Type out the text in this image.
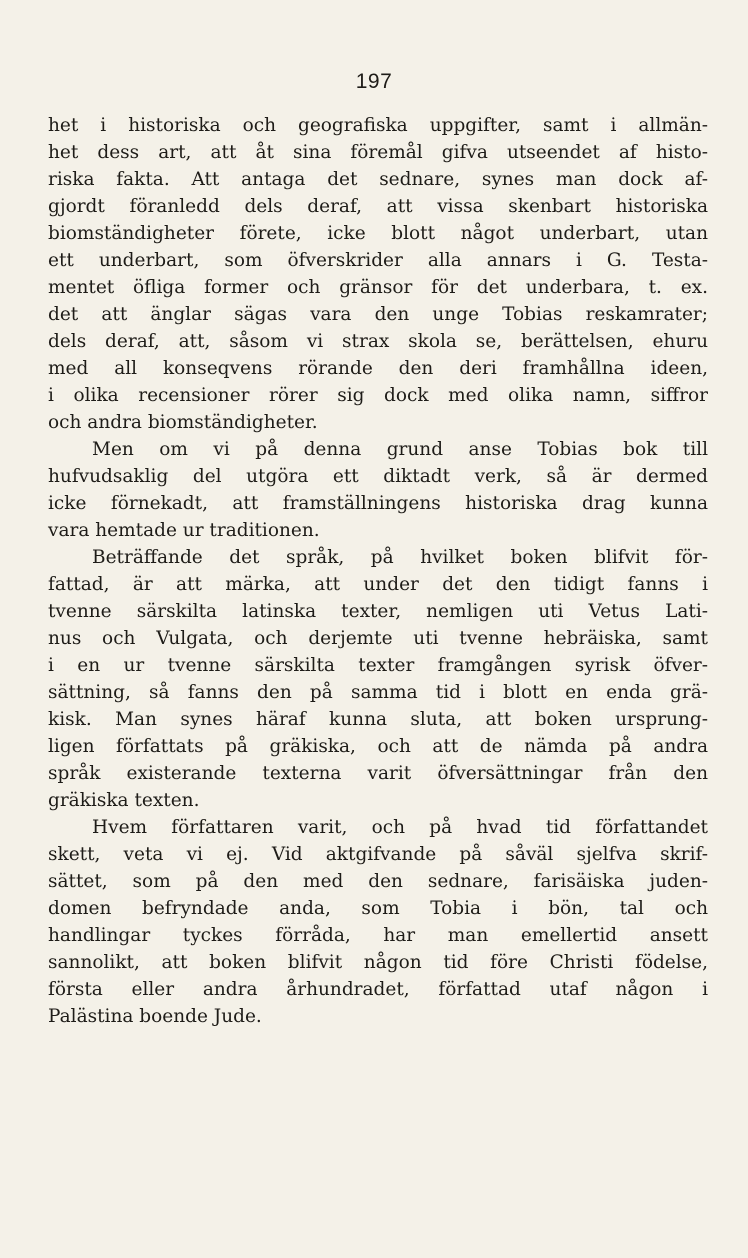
197
het i historiska och geografiska uppgifter, samt i allmän-
het dess art, att åt sina föremål gifva utseendet af histo-
riska fakta. Att antaga det sednare, synes man dock af-
gjordt föranledd dels deraf, att vissa skenbart historiska
biomständigheter förete, icke blott något underbart, utan
ett underbart, som öfverskrider alla annars i G. Testa-
mentet öfliga former och gränsor för det underbara, t. ex.
det att änglar sägas vara den unge Tobias reskamrater;
dels deraf, att, såsom vi strax skola se, berättelsen, ehuru
med all konseqvens rörande den deri framhållna ideen,
i olika recensioner rörer sig dock med olika namn, siffror
och andra biomständigheter.
Men om vi på denna grund anse Tobias bok till
hufvudsaklig del utgöra ett diktadt verk, så är dermed
icke förnekadt, att framställningens historiska drag kunna
vara hemtade ur traditionen.
Beträffande det språk, på hvilket boken blifvit för-
fattad, är att märka, att under det den tidigt fanns i
tvenne särskilta latinska texter, nemligen uti Vetus Lati-
nus och Vulgata, och derjemte uti tvenne hebräiska, samt
i en ur tvenne särskilta texter framgången syrisk öfver-
sättning, så fanns den på samma tid i blott en enda grä-
kisk. Man synes häraf kunna sluta, att boken ursprung-
ligen författats på gräkiska, och att de nämda på andra
språk existerande texterna varit öfversättningar från den
gräkiska texten.
Hvem författaren varit, och på hvad tid författandet
skett, veta vi ej. Vid aktgifvande på såväl sjelfva skrif-
sättet, som på den med den sednare, farisäiska juden-
domen befryndade anda, som Tobia i bön, tal och
handlingar tyckes förråda, har man emellertid ansett
sannolikt, att boken blifvit någon tid före Christi födelse,
första eller andra århundradet, författad utaf någon i
Palästina boende Jude.
